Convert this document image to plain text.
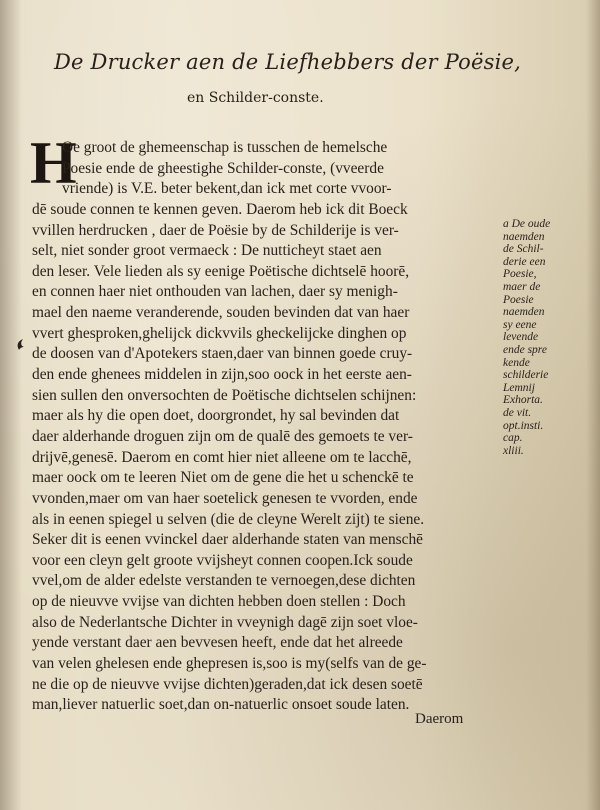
De Drucker aen de Liefhebbers der Poësie,
en Schilder-conste.
H
Oe groot de ghemeenschap is tusschen de hemelsche
Poesie ende de gheestighe Schilder-conste, (vveerde
vriende) is V.E. beter bekent,dan ick met corte vvoor-
dē soude connen te kennen geven. Daerom heb ick dit Boeck
vvillen herdrucken , daer de Poësie by de Schilderije is ver-
selt, niet sonder groot vermaeck : De nutticheyt staet aen
den leser. Vele lieden als sy eenige Poëtische dichtselē hoorē,
en connen haer niet onthouden van lachen, daer sy menigh-
mael den naeme veranderende, souden bevinden dat van haer
vvert ghesproken,ghelijck dickvvils gheckelijcke dinghen op
de doosen van d'Apotekers staen,daer van binnen goede cruy-
den ende ghenees middelen in zijn,soo oock in het eerste aen-
sien sullen den onversochten de Poëtische dichtselen schijnen:
maer als hy die open doet, doorgrondet, hy sal bevinden dat
daer alderhande droguen zijn om de qualē des gemoets te ver-
drijvē,genesē. Daerom en comt hier niet alleene om te lacchē,
maer oock om te leeren Niet om de gene die het u schenckē te
vvonden,maer om van haer soetelick genesen te vvorden, ende
als in eenen spiegel u selven (die de cleyne Werelt zijt) te siene.
Seker dit is eenen vvinckel daer alderhande staten van menschē
voor een cleyn gelt groote vvijsheyt connen coopen.Ick soude
vvel,om de alder edelste verstanden te vernoegen,dese dichten
op de nieuvve vvijse van dichten hebben doen stellen : Doch
also de Nederlantsche Dichter in vveynigh dagē zijn soet vloe-
yende verstant daer aen bevvesen heeft, ende dat het alreede
van velen ghelesen ende ghepresen is,soo is my(selfs van de ge-
ne die op de nieuvve vvijse dichten)geraden,dat ick desen soetē
man,liever natuerlic soet,dan on-natuerlic onsoet soude laten.
Daerom
a De oude
naemden
de Schil-
derie een
Poesie,
maer de
Poesie
naemden
sy eene
levende
ende spre
kende
schilderie
Lemnij
Exhorta.
de vit.
opt.insti.
cap.
xliii.
